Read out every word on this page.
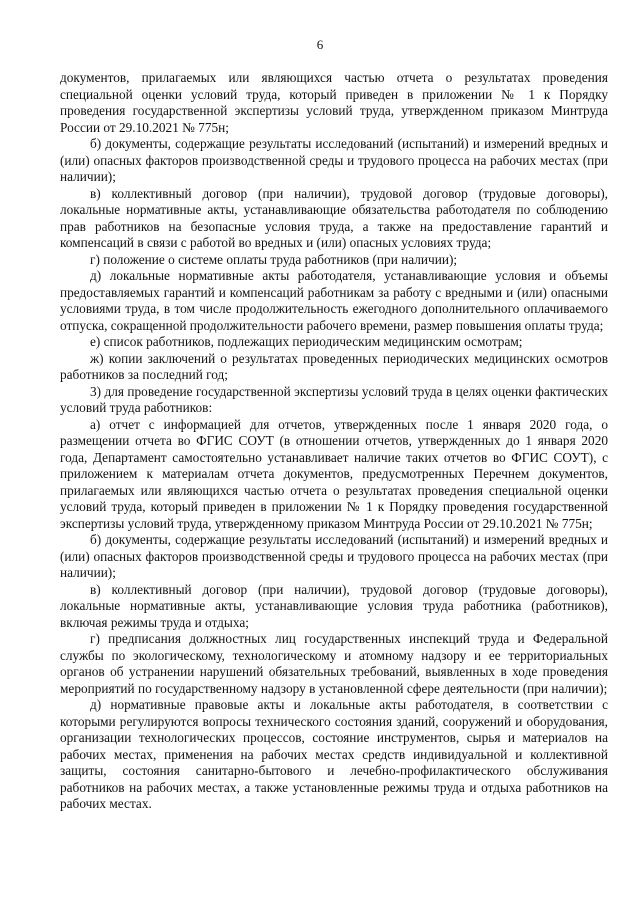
6

документов, прилагаемых или являющихся частью отчета о результатах проведения специальной оценки условий труда, который приведен в приложении № 1 к Порядку проведения государственной экспертизы условий труда, утвержденном приказом Минтруда России от 29.10.2021 № 775н;

б) документы, содержащие результаты исследований (испытаний) и измерений вредных и (или) опасных факторов производственной среды и трудового процесса на рабочих местах (при наличии);

в) коллективный договор (при наличии), трудовой договор (трудовые договоры), локальные нормативные акты, устанавливающие обязательства работодателя по соблюдению прав работников на безопасные условия труда, а также на предоставление гарантий и компенсаций в связи с работой во вредных и (или) опасных условиях труда;

г) положение о системе оплаты труда работников (при наличии);

д) локальные нормативные акты работодателя, устанавливающие условия и объемы предоставляемых гарантий и компенсаций работникам за работу с вредными и (или) опасными условиями труда, в том числе продолжительность ежегодного дополнительного оплачиваемого отпуска, сокращенной продолжительности рабочего времени, размер повышения оплаты труда;

е) список работников, подлежащих периодическим медицинским осмотрам;

ж) копии заключений о результатах проведенных периодических медицинских осмотров работников за последний год;

3) для проведение государственной экспертизы условий труда в целях оценки фактических условий труда работников:

а) отчет с информацией для отчетов, утвержденных после 1 января 2020 года, о размещении отчета во ФГИС СОУТ (в отношении отчетов, утвержденных до 1 января 2020 года, Департамент самостоятельно устанавливает наличие таких отчетов во ФГИС СОУТ), с приложением к материалам отчета документов, предусмотренных Перечнем документов, прилагаемых или являющихся частью отчета о результатах проведения специальной оценки условий труда, который приведен в приложении № 1 к Порядку проведения государственной экспертизы условий труда, утвержденному приказом Минтруда России от 29.10.2021 № 775н;

б) документы, содержащие результаты исследований (испытаний) и измерений вредных и (или) опасных факторов производственной среды и трудового процесса на рабочих местах (при наличии);

в) коллективный договор (при наличии), трудовой договор (трудовые договоры), локальные нормативные акты, устанавливающие условия труда работника (работников), включая режимы труда и отдыха;

г) предписания должностных лиц государственных инспекций труда и Федеральной службы по экологическому, технологическому и атомному надзору и ее территориальных органов об устранении нарушений обязательных требований, выявленных в ходе проведения мероприятий по государственному надзору в установленной сфере деятельности (при наличии);

д) нормативные правовые акты и локальные акты работодателя, в соответствии с которыми регулируются вопросы технического состояния зданий, сооружений и оборудования, организации технологических процессов, состояние инструментов, сырья и материалов на рабочих местах, применения на рабочих местах средств индивидуальной и коллективной защиты, состояния санитарно-бытового и лечебно-профилактического обслуживания работников на рабочих местах, а также установленные режимы труда и отдыха работников на рабочих местах.
